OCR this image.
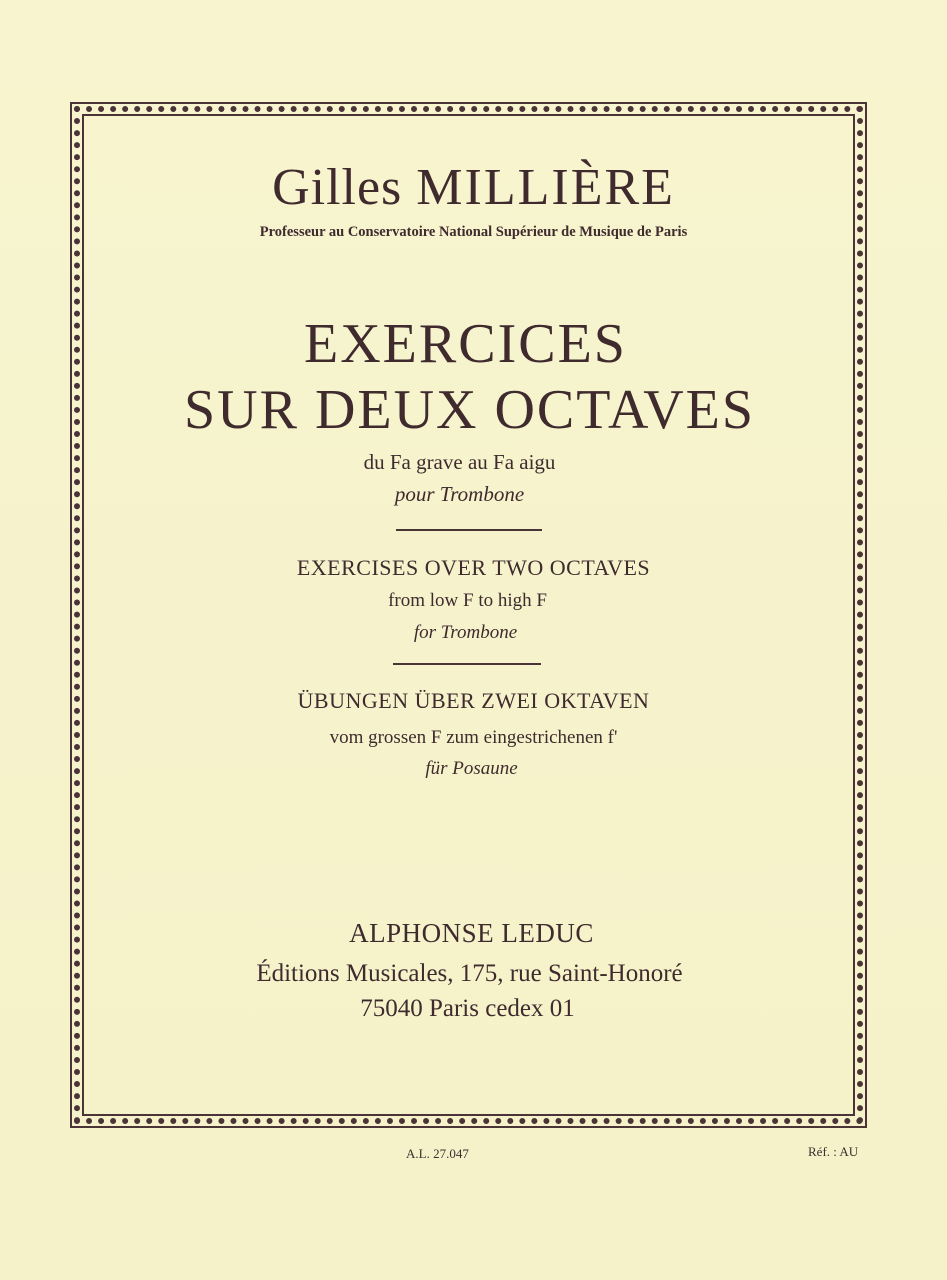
Gilles MILLIÈRE
Professeur au Conservatoire National Supérieur de Musique de Paris
EXERCICES
SUR DEUX OCTAVES
du Fa grave au Fa aigu
pour Trombone
EXERCISES OVER TWO OCTAVES
from low F to high F
for Trombone
ÜBUNGEN ÜBER ZWEI OKTAVEN
vom grossen F zum eingestrichenen f'
für Posaune
ALPHONSE LEDUC
Éditions Musicales, 175, rue Saint-Honoré
75040 Paris cedex 01
A.L. 27.047	Réf. : AU
